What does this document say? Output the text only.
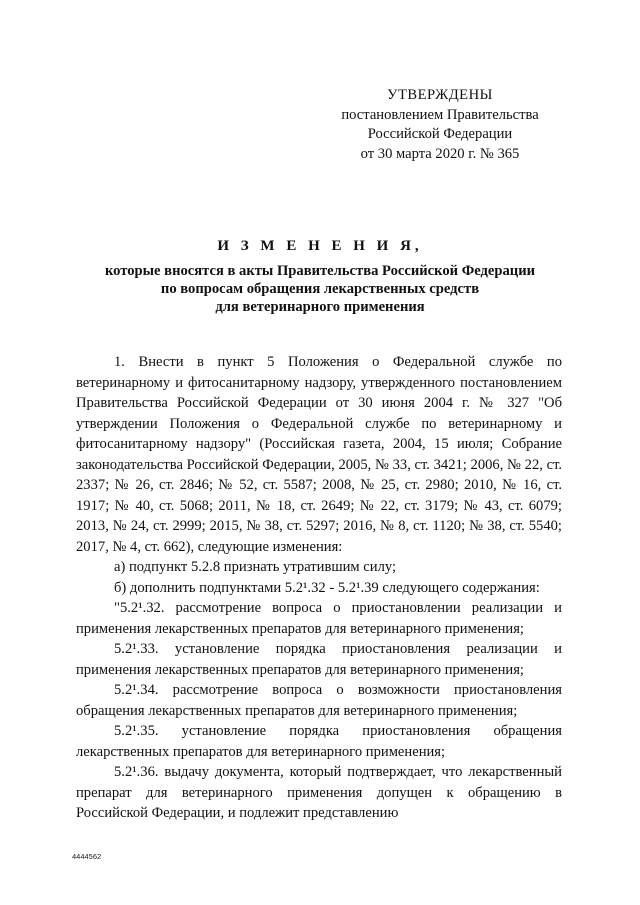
УТВЕРЖДЕНЫ
постановлением Правительства
Российской Федерации
от 30 марта 2020 г. № 365
И З М Е Н Е Н И Я,
которые вносятся в акты Правительства Российской Федерации
по вопросам обращения лекарственных средств
для ветеринарного применения

1. Внести в пункт 5 Положения о Федеральной службе по ветеринарному и фитосанитарному надзору, утвержденного постановлением Правительства Российской Федерации от 30 июня 2004 г. № 327 "Об утверждении Положения о Федеральной службе по ветеринарному и фитосанитарному надзору" (Российская газета, 2004, 15 июля; Собрание законодательства Российской Федерации, 2005, № 33, ст. 3421; 2006, № 22, ст. 2337; № 26, ст. 2846; № 52, ст. 5587; 2008, № 25, ст. 2980; 2010, № 16, ст. 1917; № 40, ст. 5068; 2011, № 18, ст. 2649; № 22, ст. 3179; № 43, ст. 6079; 2013, № 24, ст. 2999; 2015, № 38, ст. 5297; 2016, № 8, ст. 1120; № 38, ст. 5540; 2017, № 4, ст. 662), следующие изменения:

а) подпункт 5.2.8 признать утратившим силу;

б) дополнить подпунктами 5.2¹.32 - 5.2¹.39 следующего содержания:

"5.2¹.32. рассмотрение вопроса о приостановлении реализации и применения лекарственных препаратов для ветеринарного применения;

5.2¹.33. установление порядка приостановления реализации и применения лекарственных препаратов для ветеринарного применения;

5.2¹.34. рассмотрение вопроса о возможности приостановления обращения лекарственных препаратов для ветеринарного применения;

5.2¹.35. установление порядка приостановления обращения лекарственных препаратов для ветеринарного применения;

5.2¹.36. выдачу документа, который подтверждает, что лекарственный препарат для ветеринарного применения допущен к обращению в Российской Федерации, и подлежит представлению

4444562
